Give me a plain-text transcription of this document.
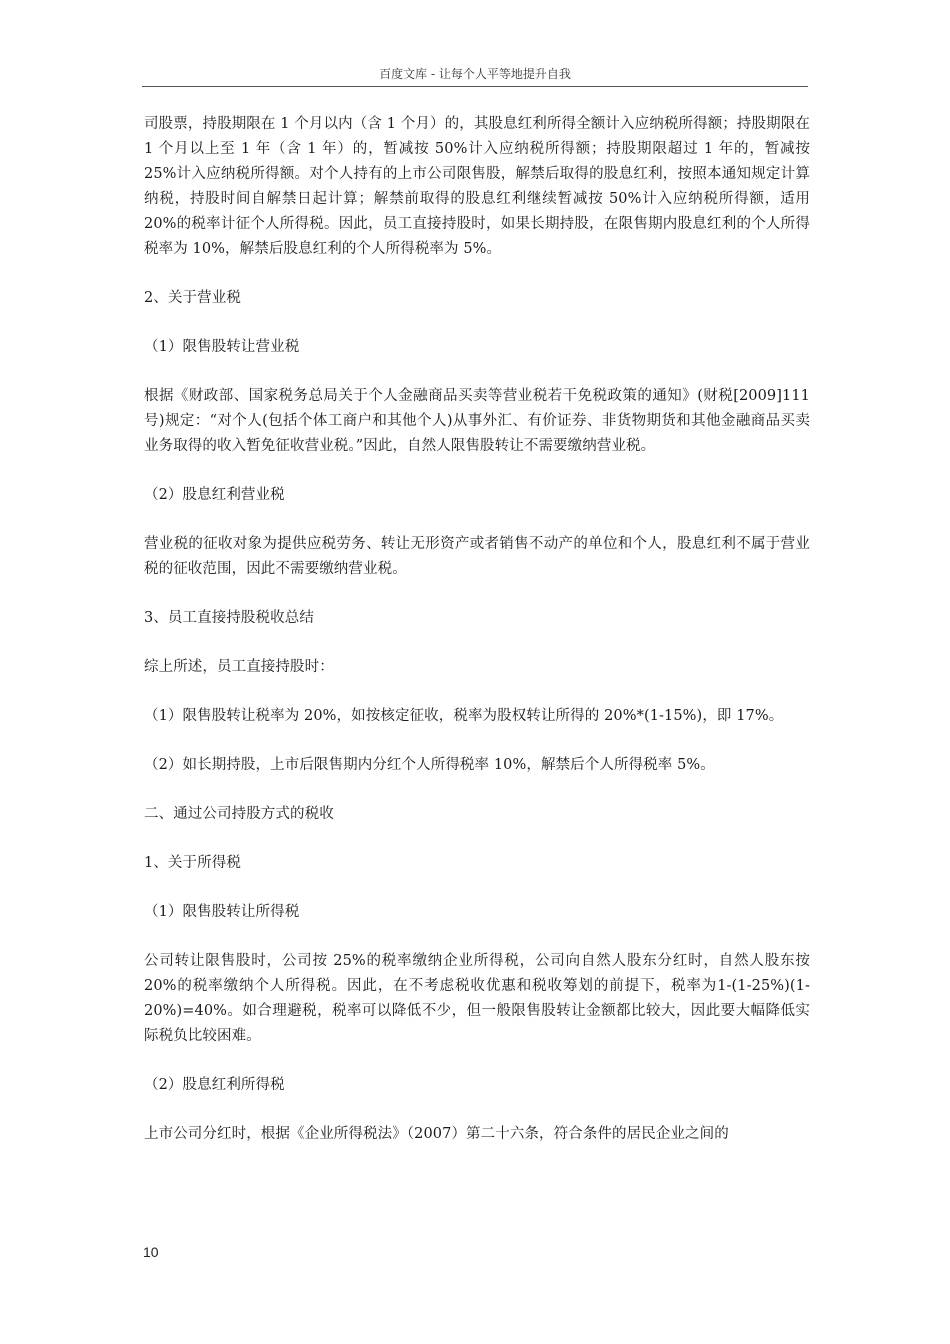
百度文库 - 让每个人平等地提升自我

司股票，持股期限在 1 个月以内（含 1 个月）的，其股息红利所得全额计入应纳税所得额；持股期限在 1 个月以上至 1 年（含 1 年）的，暂减按 50%计入应纳税所得额；持股期限超过 1 年的，暂减按 25%计入应纳税所得额。对个人持有的上市公司限售股，解禁后取得的股息红利，按照本通知规定计算纳税，持股时间自解禁日起计算；解禁前取得的股息红利继续暂减按 50%计入应纳税所得额，适用 20%的税率计征个人所得税。因此，员工直接持股时，如果长期持股，在限售期内股息红利的个人所得税率为 10%，解禁后股息红利的个人所得税率为 5%。

2、关于营业税

（1）限售股转让营业税

根据《财政部、国家税务总局关于个人金融商品买卖等营业税若干免税政策的通知》(财税[2009]111 号)规定：“对个人(包括个体工商户和其他个人)从事外汇、有价证券、非货物期货和其他金融商品买卖业务取得的收入暂免征收营业税。”因此，自然人限售股转让不需要缴纳营业税。

（2）股息红利营业税

营业税的征收对象为提供应税劳务、转让无形资产或者销售不动产的单位和个人，股息红利不属于营业税的征收范围，因此不需要缴纳营业税。

3、员工直接持股税收总结

综上所述，员工直接持股时：

（1）限售股转让税率为 20%，如按核定征收，税率为股权转让所得的 20%*(1-15%)，即 17%。

（2）如长期持股，上市后限售期内分红个人所得税率 10%，解禁后个人所得税率 5%。

二、通过公司持股方式的税收

1、关于所得税

（1）限售股转让所得税

公司转让限售股时，公司按 25%的税率缴纳企业所得税，公司向自然人股东分红时，自然人股东按 20%的税率缴纳个人所得税。因此，在不考虑税收优惠和税收筹划的前提下，税率为1-(1-25%)(1-20%)=40%。如合理避税，税率可以降低不少，但一般限售股转让金额都比较大，因此要大幅降低实际税负比较困难。

（2）股息红利所得税

上市公司分红时，根据《企业所得税法》（2007）第二十六条，符合条件的居民企业之间的

10
